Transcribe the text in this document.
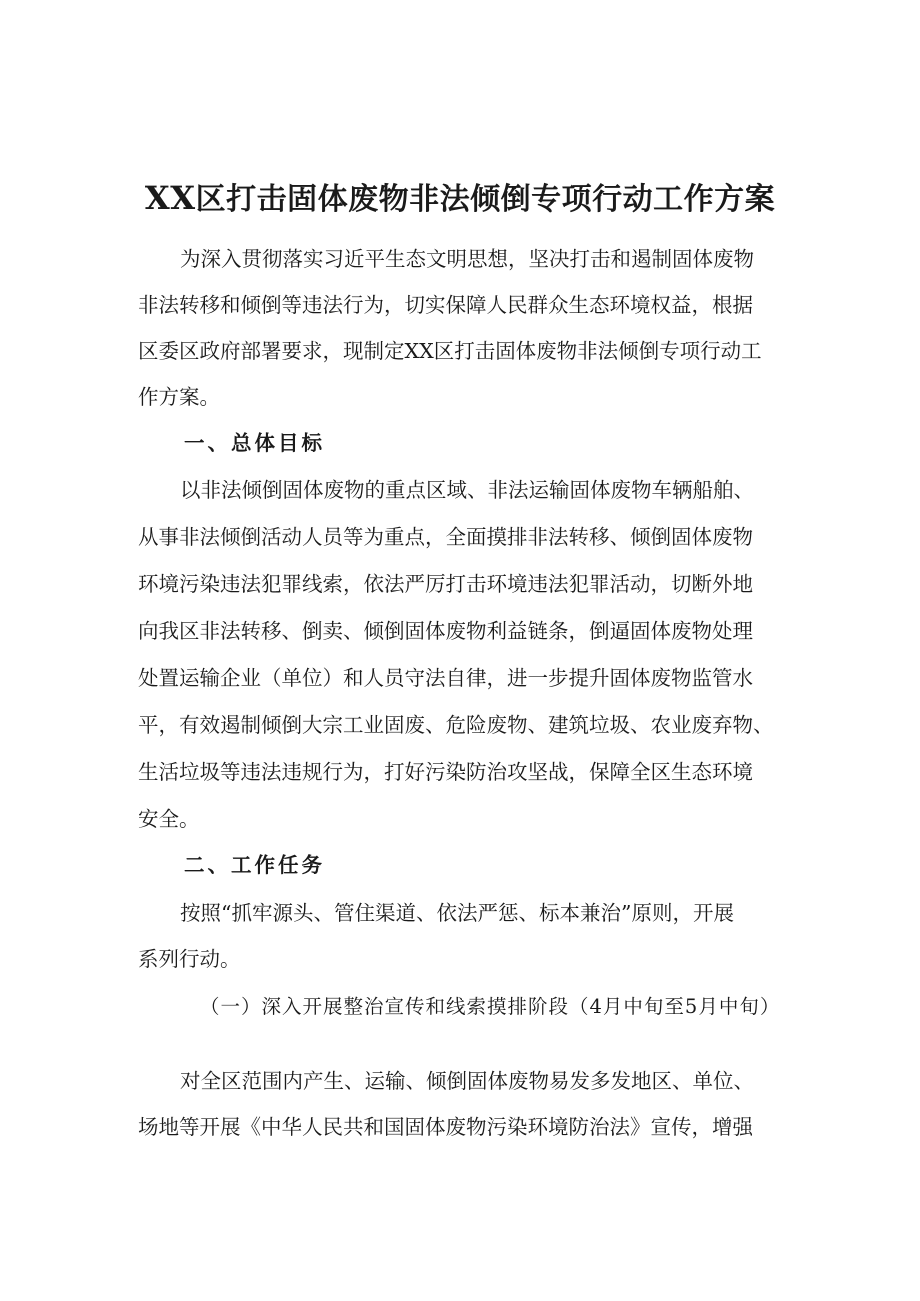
XX区打击固体废物非法倾倒专项行动工作方案
为深入贯彻落实习近平生态文明思想，坚决打击和遏制固体废物
非法转移和倾倒等违法行为，切实保障人民群众生态环境权益，根据
区委区政府部署要求，现制定XX区打击固体废物非法倾倒专项行动工
作方案。
一、总体目标
以非法倾倒固体废物的重点区域、非法运输固体废物车辆船舶、
从事非法倾倒活动人员等为重点，全面摸排非法转移、倾倒固体废物
环境污染违法犯罪线索，依法严厉打击环境违法犯罪活动，切断外地
向我区非法转移、倒卖、倾倒固体废物利益链条，倒逼固体废物处理
处置运输企业（单位）和人员守法自律，进一步提升固体废物监管水
平，有效遏制倾倒大宗工业固废、危险废物、建筑垃圾、农业废弃物、
生活垃圾等违法违规行为，打好污染防治攻坚战，保障全区生态环境
安全。
二、工作任务
按照“抓牢源头、管住渠道、依法严惩、标本兼治”原则，开展
系列行动。
（一）深入开展整治宣传和线索摸排阶段（4月中旬至5月中旬）
对全区范围内产生、运输、倾倒固体废物易发多发地区、单位、
场地等开展《中华人民共和国固体废物污染环境防治法》宣传，增强
